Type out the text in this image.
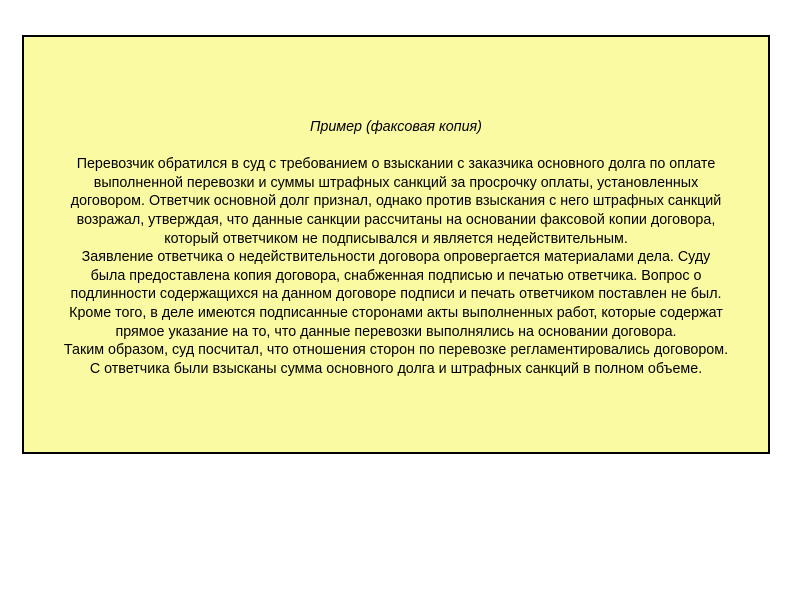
Пример (факсовая копия)
Перевозчик обратился в суд с требованием о взыскании с заказчика основного долга по оплате
выполненной перевозки и суммы штрафных санкций за просрочку оплаты, установленных
договором. Ответчик основной долг признал, однако против взыскания с него штрафных санкций
возражал, утверждая, что данные санкции рассчитаны на основании факсовой копии договора,
который ответчиком не подписывался и является недействительным.
Заявление ответчика о недействительности договора опровергается материалами дела. Суду
была предоставлена копия договора, снабженная подписью и печатью ответчика. Вопрос о
подлинности содержащихся на данном договоре подписи и печать ответчиком поставлен не был.
Кроме того, в деле имеются подписанные сторонами акты выполненных работ, которые содержат
прямое указание на то, что данные перевозки выполнялись на основании договора.
Таким образом, суд посчитал, что отношения сторон по перевозке регламентировались договором.
С ответчика были взысканы сумма основного долга и штрафных санкций в полном объеме.
